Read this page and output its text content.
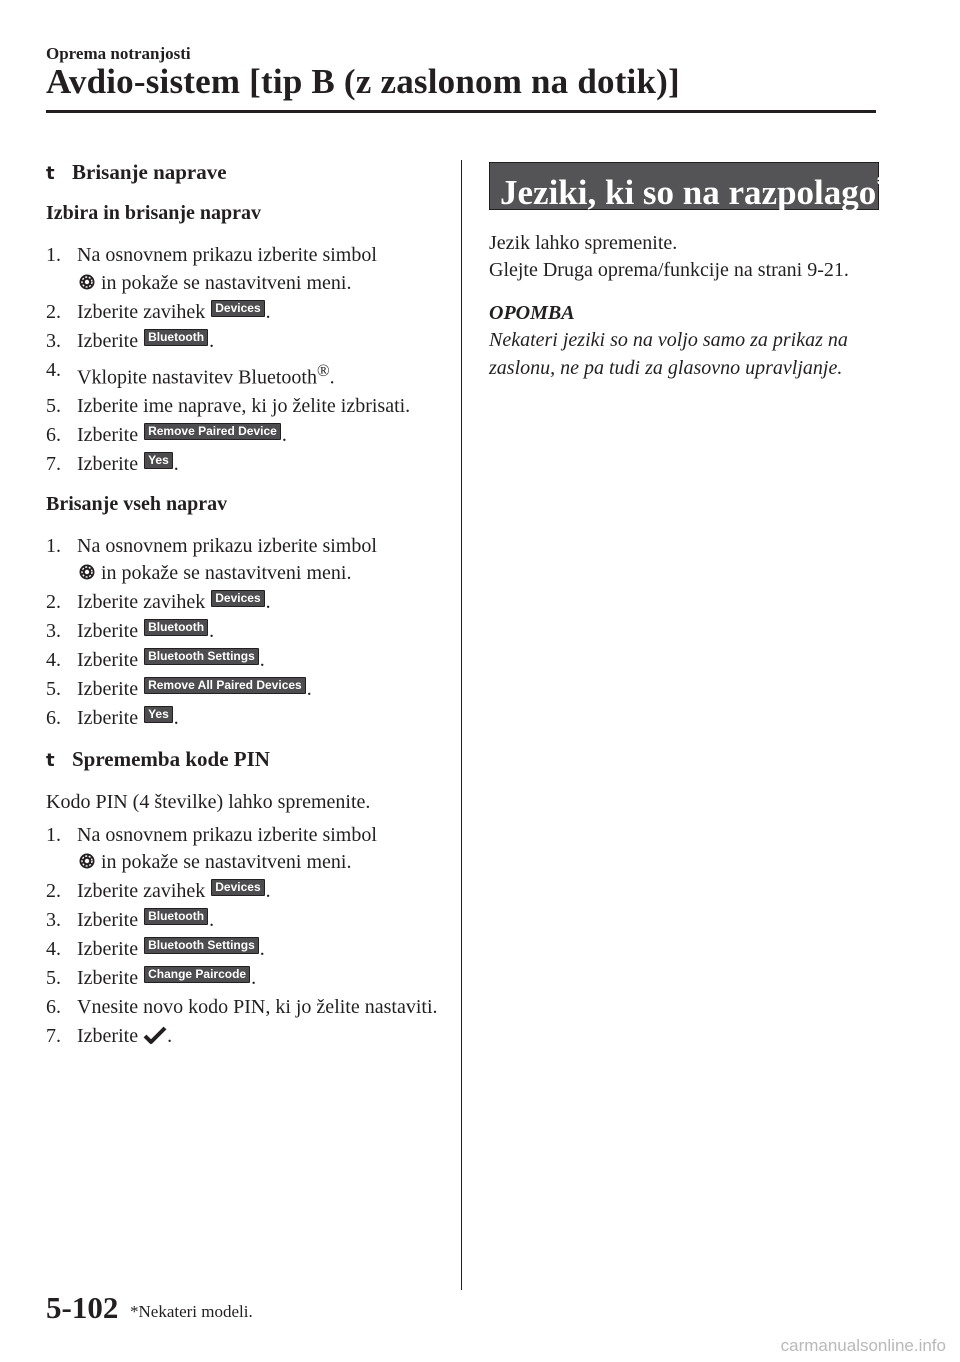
Oprema notranjosti
Avdio-sistem [tip B (z zaslonom na dotik)]
t Brisanje naprave
Izbira in brisanje naprav
1. Na osnovnem prikazu izberite simbol
in pokaže se nastavitveni meni.
2. Izberite zavihek Devices .
3. Izberite Bluetooth .
4. Vklopite nastavitev Bluetooth®.
5. Izberite ime naprave, ki jo želite izbrisati.
6. Izberite Remove Paired Device .
7. Izberite Yes .
Brisanje vseh naprav
1. Na osnovnem prikazu izberite simbol
in pokaže se nastavitveni meni.
2. Izberite zavihek Devices .
3. Izberite Bluetooth .
4. Izberite Bluetooth Settings .
5. Izberite Remove All Paired Devices .
6. Izberite Yes .
t Sprememba kode PIN
Kodo PIN (4 številke) lahko spremenite.
1. Na osnovnem prikazu izberite simbol
in pokaže se nastavitveni meni.
2. Izberite zavihek Devices .
3. Izberite Bluetooth .
4. Izberite Bluetooth Settings .
5. Izberite Change Paircode .
6. Vnesite novo kodo PIN, ki jo želite nastaviti.
7. Izberite .
Jeziki, ki so na razpolago*

Jezik lahko spremenite.

Glejte Druga oprema/funkcije na strani 9-21.

OPOMBA
Nekateri jeziki so na voljo samo za prikaz na zaslonu, ne pa tudi za glasovno upravljanje.
5-102 *Nekateri modeli.
carmanualsonline.info
